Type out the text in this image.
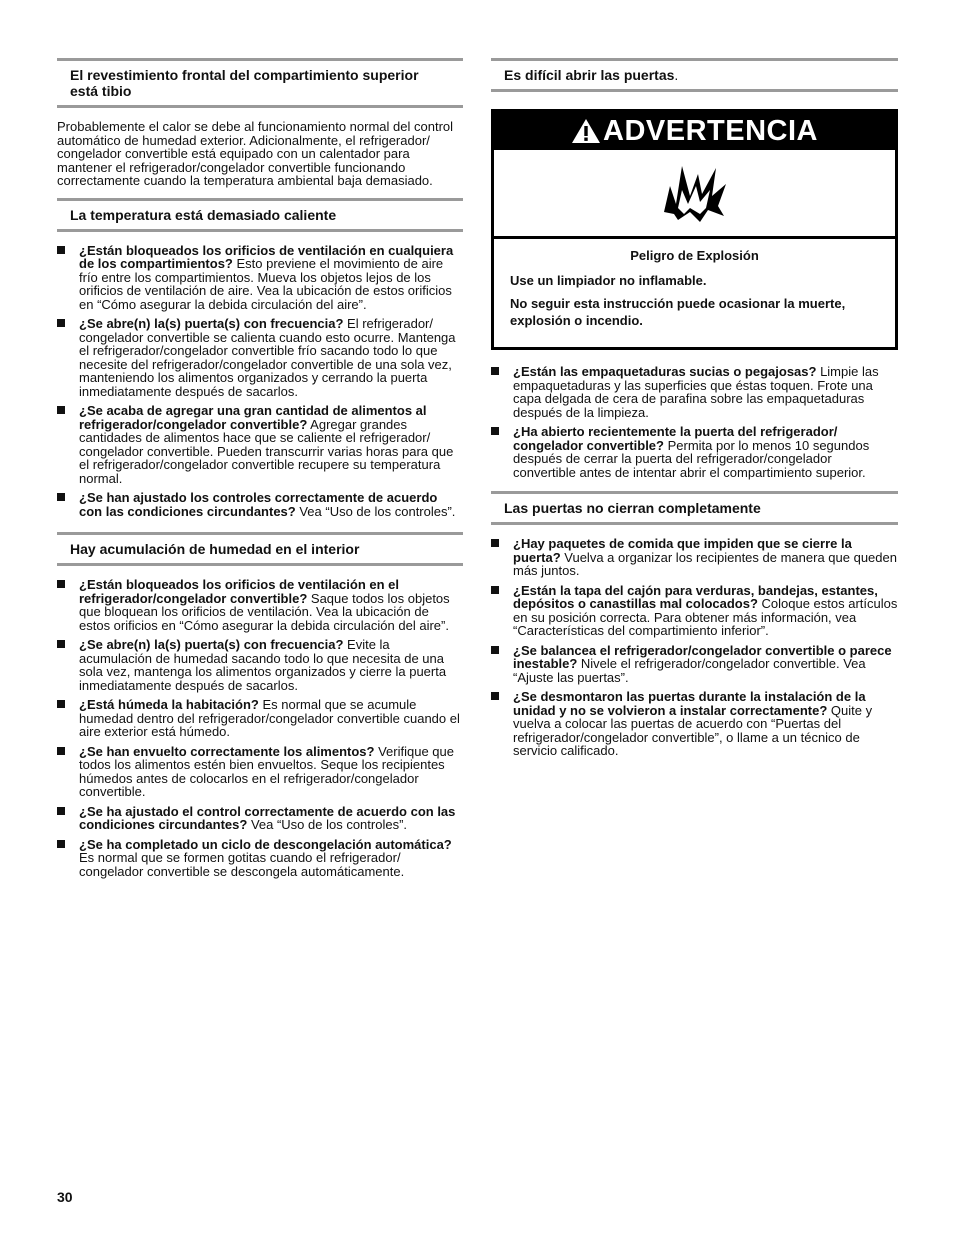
El revestimiento frontal del compartimiento superior está tibio

Probablemente el calor se debe al funcionamiento normal del control automático de humedad exterior. Adicionalmente, el refrigerador/ congelador convertible está equipado con un calentador para mantener el refrigerador/congelador convertible funcionando correctamente cuando la temperatura ambiental baja demasiado.

La temperatura está demasiado caliente
¿Están bloqueados los orificios de ventilación en cualquiera de los compartimientos? Esto previene el movimiento de aire frío entre los compartimientos. Mueva los objetos lejos de los orificios de ventilación de aire. Vea la ubicación de estos orificios en “Cómo asegurar la debida circulación del aire”.
¿Se abre(n) la(s) puerta(s) con frecuencia? El refrigerador/ congelador convertible se calienta cuando esto ocurre. Mantenga el refrigerador/congelador convertible frío sacando todo lo que necesite del refrigerador/congelador convertible de una sola vez, manteniendo los alimentos organizados y cerrando la puerta inmediatamente después de sacarlos.
¿Se acaba de agregar una gran cantidad de alimentos al refrigerador/congelador convertible? Agregar grandes cantidades de alimentos hace que se caliente el refrigerador/ congelador convertible. Pueden transcurrir varias horas para que el refrigerador/congelador convertible recupere su temperatura normal.
¿Se han ajustado los controles correctamente de acuerdo con las condiciones circundantes? Vea “Uso de los controles”.
Hay acumulación de humedad en el interior
¿Están bloqueados los orificios de ventilación en el refrigerador/congelador convertible? Saque todos los objetos que bloquean los orificios de ventilación. Vea la ubicación de estos orificios en “Cómo asegurar la debida circulación del aire”.
¿Se abre(n) la(s) puerta(s) con frecuencia? Evite la acumulación de humedad sacando todo lo que necesita de una sola vez, mantenga los alimentos organizados y cierre la puerta inmediatamente después de sacarlos.
¿Está húmeda la habitación? Es normal que se acumule humedad dentro del refrigerador/congelador convertible cuando el aire exterior está húmedo.
¿Se han envuelto correctamente los alimentos? Verifique que todos los alimentos estén bien envueltos. Seque los recipientes húmedos antes de colocarlos en el refrigerador/congelador convertible.
¿Se ha ajustado el control correctamente de acuerdo con las condiciones circundantes? Vea “Uso de los controles”.
¿Se ha completado un ciclo de descongelación automática? Es normal que se formen gotitas cuando el refrigerador/ congelador convertible se descongela automáticamente.
Es difícil abrir las puertas.
ADVERTENCIA

Peligro de Explosión

Use un limpiador no inflamable.

No seguir esta instrucción puede ocasionar la muerte, explosión o incendio.

¿Están las empaquetaduras sucias o pegajosas? Limpie las empaquetaduras y las superficies que éstas toquen. Frote una capa delgada de cera de parafina sobre las empaquetaduras después de la limpieza.
¿Ha abierto recientemente la puerta del refrigerador/ congelador convertible? Permita por lo menos 10 segundos después de cerrar la puerta del refrigerador/congelador convertible antes de intentar abrir el compartimiento superior.
Las puertas no cierran completamente
¿Hay paquetes de comida que impiden que se cierre la puerta? Vuelva a organizar los recipientes de manera que queden más juntos.
¿Están la tapa del cajón para verduras, bandejas, estantes, depósitos o canastillas mal colocados? Coloque estos artículos en su posición correcta. Para obtener más información, vea “Características del compartimiento inferior”.
¿Se balancea el refrigerador/congelador convertible o parece inestable? Nivele el refrigerador/congelador convertible. Vea “Ajuste las puertas”.
¿Se desmontaron las puertas durante la instalación de la unidad y no se volvieron a instalar correctamente? Quite y vuelva a colocar las puertas de acuerdo con “Puertas del refrigerador/congelador convertible”, o llame a un técnico de servicio calificado.
30
